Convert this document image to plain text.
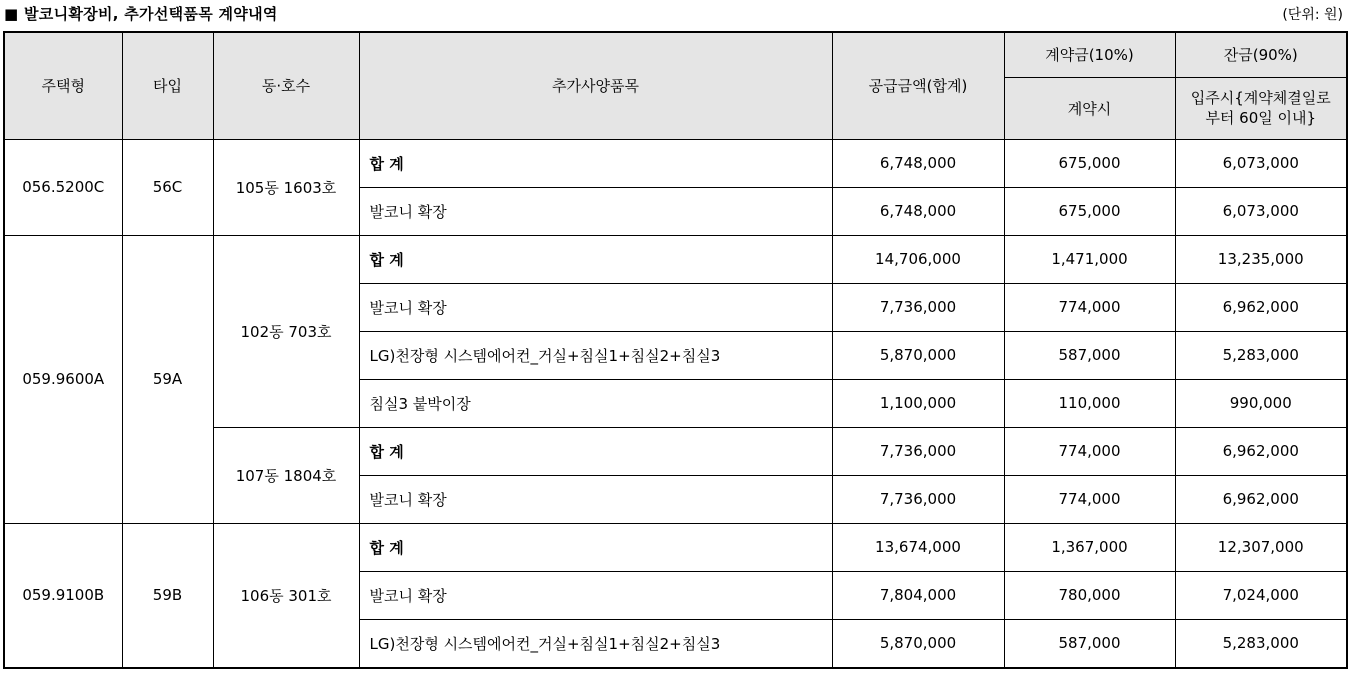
■ 발코니확장비, 추가선택품목 계약내역	(단위: 원)
주택형	타입	동·호수	추가사양품목	공급금액(합계)	계약금(10%)	잔금(90%)
					계약시	입주시{계약체결일로부터 60일 이내}
056.5200C	56C	105동 1603호	합 계	6,748,000	675,000	6,073,000
			발코니 확장	6,748,000	675,000	6,073,000
059.9600A	59A	102동 703호	합 계	14,706,000	1,471,000	13,235,000
			발코니 확장	7,736,000	774,000	6,962,000
			LG)천장형 시스템에어컨_거실+침실1+침실2+침실3	5,870,000	587,000	5,283,000
			침실3 붙박이장	1,100,000	110,000	990,000
		107동 1804호	합 계	7,736,000	774,000	6,962,000
			발코니 확장	7,736,000	774,000	6,962,000
059.9100B	59B	106동 301호	합 계	13,674,000	1,367,000	12,307,000
			발코니 확장	7,804,000	780,000	7,024,000
			LG)천장형 시스템에어컨_거실+침실1+침실2+침실3	5,870,000	587,000	5,283,000
